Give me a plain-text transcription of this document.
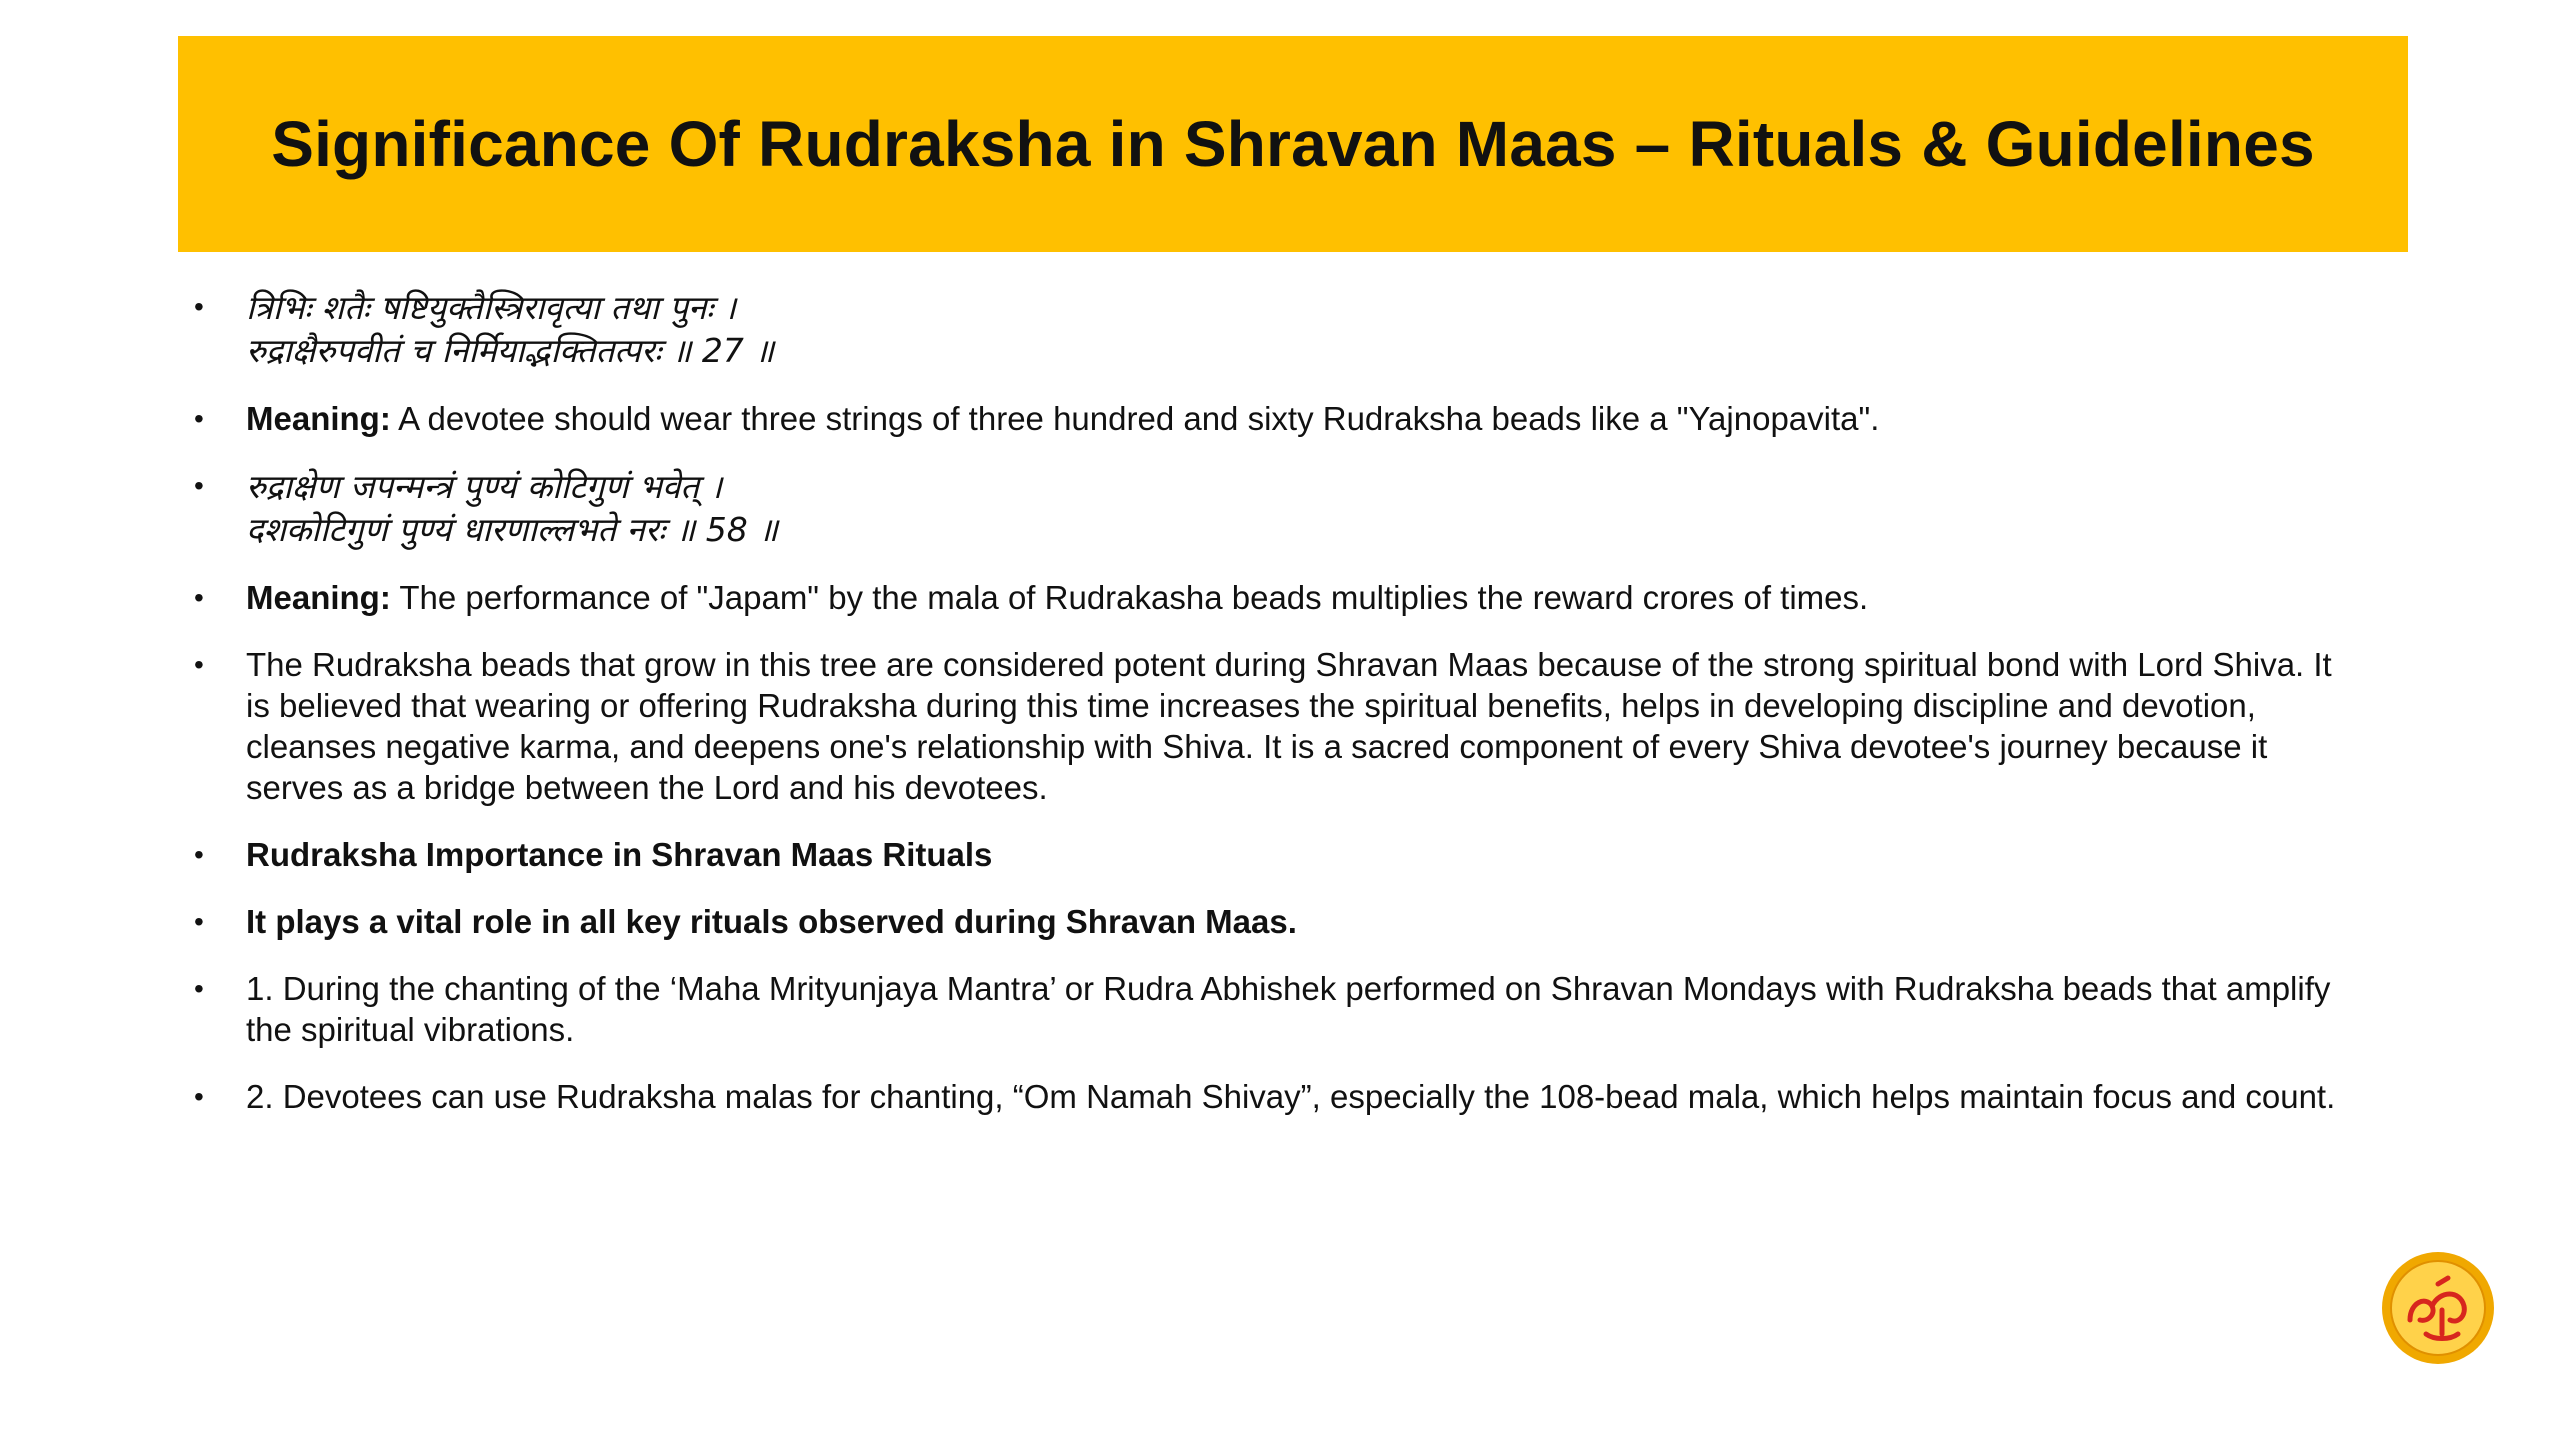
Significance Of Rudraksha in Shravan Maas – Rituals & Guidelines
• त्रिभिः शतैः षष्टियुक्तैस्त्रिरावृत्या तथा पुनः ।
रुद्राक्षैरुपवीतं च निर्मियाद्भक्तितत्परः ॥ 27 ॥
• Meaning: A devotee should wear three strings of three hundred and sixty Rudraksha beads like a "Yajnopavita".
• रुद्राक्षेण जपन्मन्त्रं पुण्यं कोटिगुणं भवेत् ।
दशकोटिगुणं पुण्यं धारणाल्लभते नरः ॥ 58 ॥
• Meaning: The performance of "Japam" by the mala of Rudrakasha beads multiplies the reward crores of times.
• The Rudraksha beads that grow in this tree are considered potent during Shravan Maas because of the strong spiritual bond with Lord Shiva. It is believed that wearing or offering Rudraksha during this time increases the spiritual benefits, helps in developing discipline and devotion, cleanses negative karma, and deepens one's relationship with Shiva. It is a sacred component of every Shiva devotee's journey because it serves as a bridge between the Lord and his devotees.
• Rudraksha Importance in Shravan Maas Rituals
• It plays a vital role in all key rituals observed during Shravan Maas.
• 1. During the chanting of the ‘Maha Mrityunjaya Mantra’ or Rudra Abhishek performed on Shravan Mondays with Rudraksha beads that amplify the spiritual vibrations.
• 2. Devotees can use Rudraksha malas for chanting, “Om Namah Shivay”, especially the 108-bead mala, which helps maintain focus and count.
